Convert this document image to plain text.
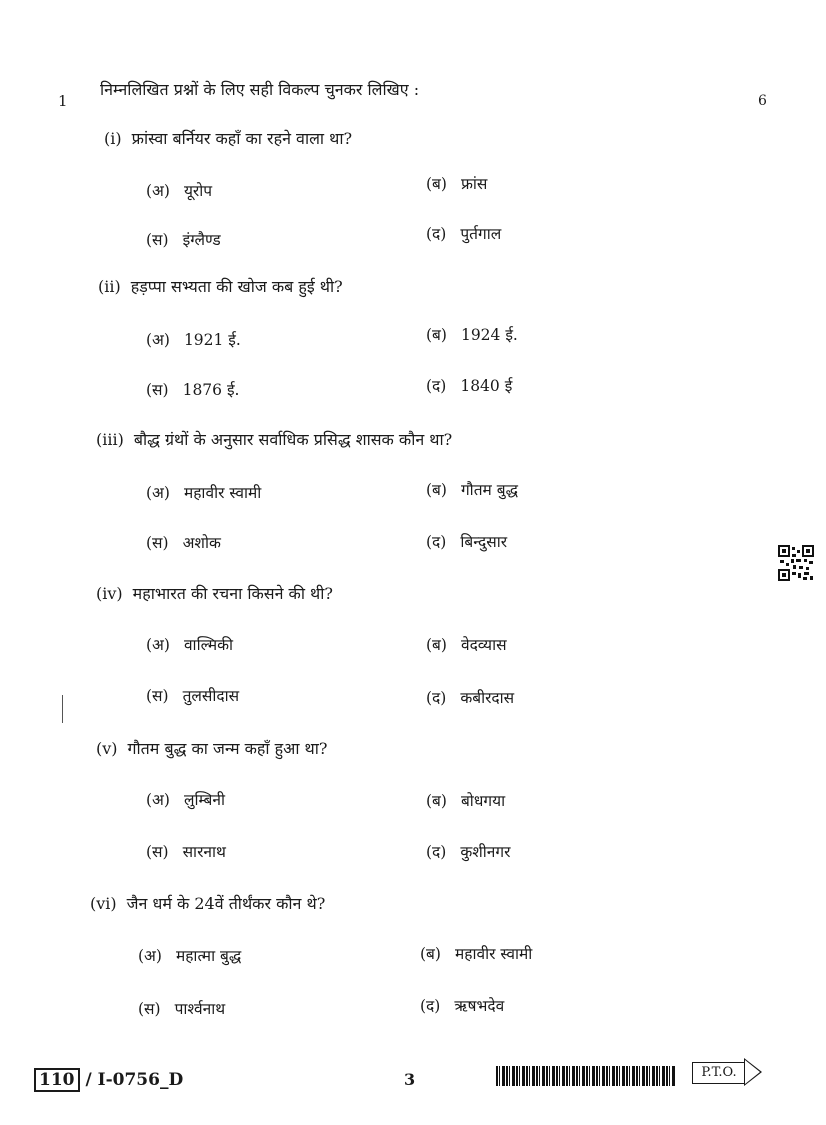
1
निम्नलिखित प्रश्नों के लिए सही विकल्प चुनकर लिखिए :
6
(i) फ्रांस्वा बर्नियर कहाँ का रहने वाला था?
(अ) यूरोप	(ब) फ्रांस
(स) इंग्लैण्ड	(द) पुर्तगाल
(ii) हड़प्पा सभ्यता की खोज कब हुई थी?
(अ) 1921 ई.	(ब) 1924 ई.
(स) 1876 ई.	(द) 1840 ई
(iii) बौद्ध ग्रंथों के अनुसार सर्वाधिक प्रसिद्ध शासक कौन था?
(अ) महावीर स्वामी	(ब) गौतम बुद्ध
(स) अशोक	(द) बिन्दुसार
(iv) महाभारत की रचना किसने की थी?
(अ) वाल्मिकी	(ब) वेदव्यास
(स) तुलसीदास	(द) कबीरदास
(v) गौतम बुद्ध का जन्म कहाँ हुआ था?
(अ) लुम्बिनी	(ब) बोधगया
(स) सारनाथ	(द) कुशीनगर
(vi) जैन धर्म के 24वें तीर्थंकर कौन थे?
(अ) महात्मा बुद्ध	(ब) महावीर स्वामी
(स) पार्श्वनाथ	(द) ऋषभदेव
110 / I-0756_D	3	P.T.O.
